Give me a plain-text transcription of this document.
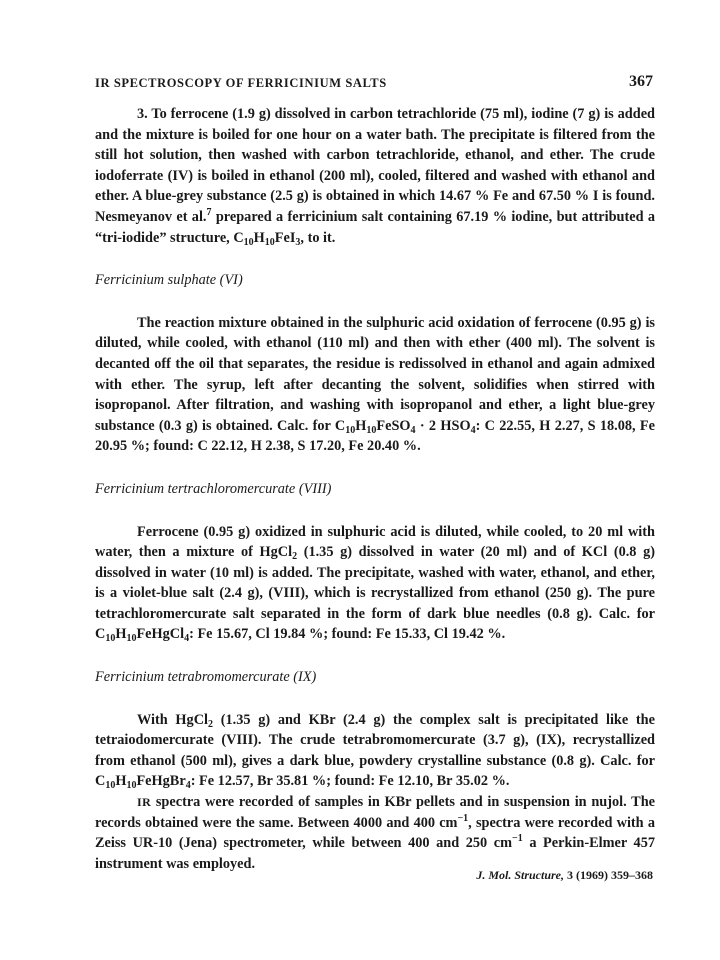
IR SPECTROSCOPY OF FERRICINIUM SALTS	367

3. To ferrocene (1.9 g) dissolved in carbon tetrachloride (75 ml), iodine (7 g) is added and the mixture is boiled for one hour on a water bath. The precipitate is filtered from the still hot solution, then washed with carbon tetrachloride, ethanol, and ether. The crude iodoferrate (IV) is boiled in ethanol (200 ml), cooled, filtered and washed with ethanol and ether. A blue-grey substance (2.5 g) is obtained in which 14.67 % Fe and 67.50 % I is found. Nesmeyanov et al.$^7$ prepared a ferricinium salt containing 67.19 % iodine, but attributed a “tri-iodide” structure, $C_{10}H_{10}FeI_3$, to it.

Ferricinium sulphate (VI)

The reaction mixture obtained in the sulphuric acid oxidation of ferrocene (0.95 g) is diluted, while cooled, with ethanol (110 ml) and then with ether (400 ml). The solvent is decanted off the oil that separates, the residue is redissolved in ethanol and again admixed with ether. The syrup, left after decanting the solvent, solidifies when stirred with isopropanol. After filtration, and washing with isopropanol and ether, a light blue-grey substance (0.3 g) is obtained. Calc. for $C_{10}H_{10}FeSO_4 \cdot 2$ $HSO_4$: C 22.55, H 2.27, S 18.08, Fe 20.95 %; found: C 22.12, H 2.38, S 17.20, Fe 20.40 %.

Ferricinium tertrachloromercurate (VIII)

Ferrocene (0.95 g) oxidized in sulphuric acid is diluted, while cooled, to 20 ml with water, then a mixture of HgCl$_2$ (1.35 g) dissolved in water (20 ml) and of KCl (0.8 g) dissolved in water (10 ml) is added. The precipitate, washed with water, ethanol, and ether, is a violet-blue salt (2.4 g), (VIII), which is recrystallized from ethanol (250 g). The pure tetrachloromercurate salt separated in the form of dark blue needles (0.8 g). Calc. for $C_{10}H_{10}FeHgCl_4$: Fe 15.67, Cl 19.84 %; found: Fe 15.33, Cl 19.42 %.

Ferricinium tetrabromomercurate (IX)

With HgCl$_2$ (1.35 g) and KBr (2.4 g) the complex salt is precipitated like the tetraiodomercurate (VIII). The crude tetrabromomercurate (3.7 g), (IX), recrystallized from ethanol (500 ml), gives a dark blue, powdery crystalline substance (0.8 g). Calc. for $C_{10}H_{10}FeHgBr_4$: Fe 12.57, Br 35.81 %; found: Fe 12.10, Br 35.02 %.

IR spectra were recorded of samples in KBr pellets and in suspension in nujol. The records obtained were the same. Between 4000 and 400 $cm^{-1}$, spectra were recorded with a Zeiss UR-10 (Jena) spectrometer, while between 400 and 250 $cm^{-1}$ a Perkin-Elmer 457 instrument was employed.

J. Mol. Structure, 3 (1969) 359–368
